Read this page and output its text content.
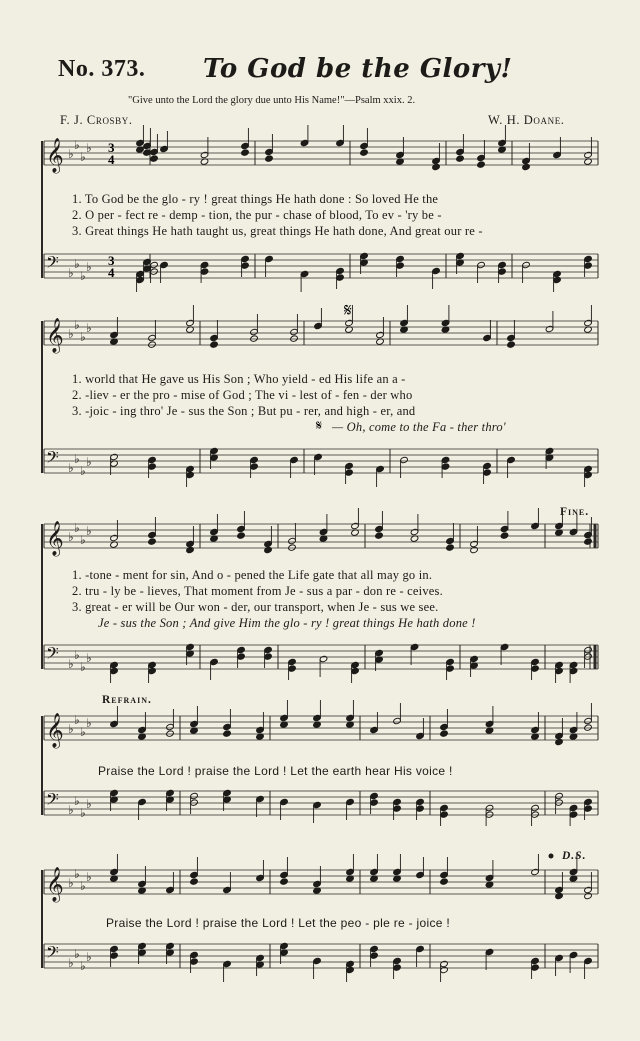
No. 373. To God be the Glory!
"Give unto the Lord the glory due unto His Name!"—Psalm xxix. 2.
F. J. Crosby.	W. H. Doane.
𝄞 ♭
♭
♭
♭
𝄢 ♭
♭
♭
♭
𝄞 ♭
♭
♭
♭
𝄢 ♭
♭
♭
♭
𝄞 ♭
♭
♭
♭
𝄢 ♭
♭
♭
♭
𝄞 ♭
♭
♭
♭
𝄢 ♭
♭
♭
♭
𝄞 ♭
♭
♭
♭
𝄢 ♭
♭
♭
♭
3
4
3
4
𝄋
𝄋
1. To God be the glo - ry ! great things He hath done : So loved He the
2. O per - fect re - demp - tion, the pur - chase of blood, To ev - 'ry be -
3. Great things He hath taught us, great things He hath done, And great our re -
1. world that He gave us His Son ; Who yield - ed His life an a -
2. -liev - er the pro - mise of God ; The vi - lest of - fen - der who
3. -joic - ing thro' Je - sus the Son ; But pu - rer, and high - er, and
— Oh, come to the Fa - ther thro'
1. -tone - ment for sin, And o - pened the Life gate that all may go in.
2. tru - ly be - lieves, That moment from Je - sus a par - don re - ceives.
3. great - er will be Our won - der, our transport, when Je - sus we see.
Je - sus the Son ; And give Him the glo - ry ! great things He hath done !
Fine.
Refrain.
Praise the Lord ! praise the Lord ! Let the earth hear His voice !
Praise the Lord ! praise the Lord ! Let the peo - ple re - joice !
D.S.
